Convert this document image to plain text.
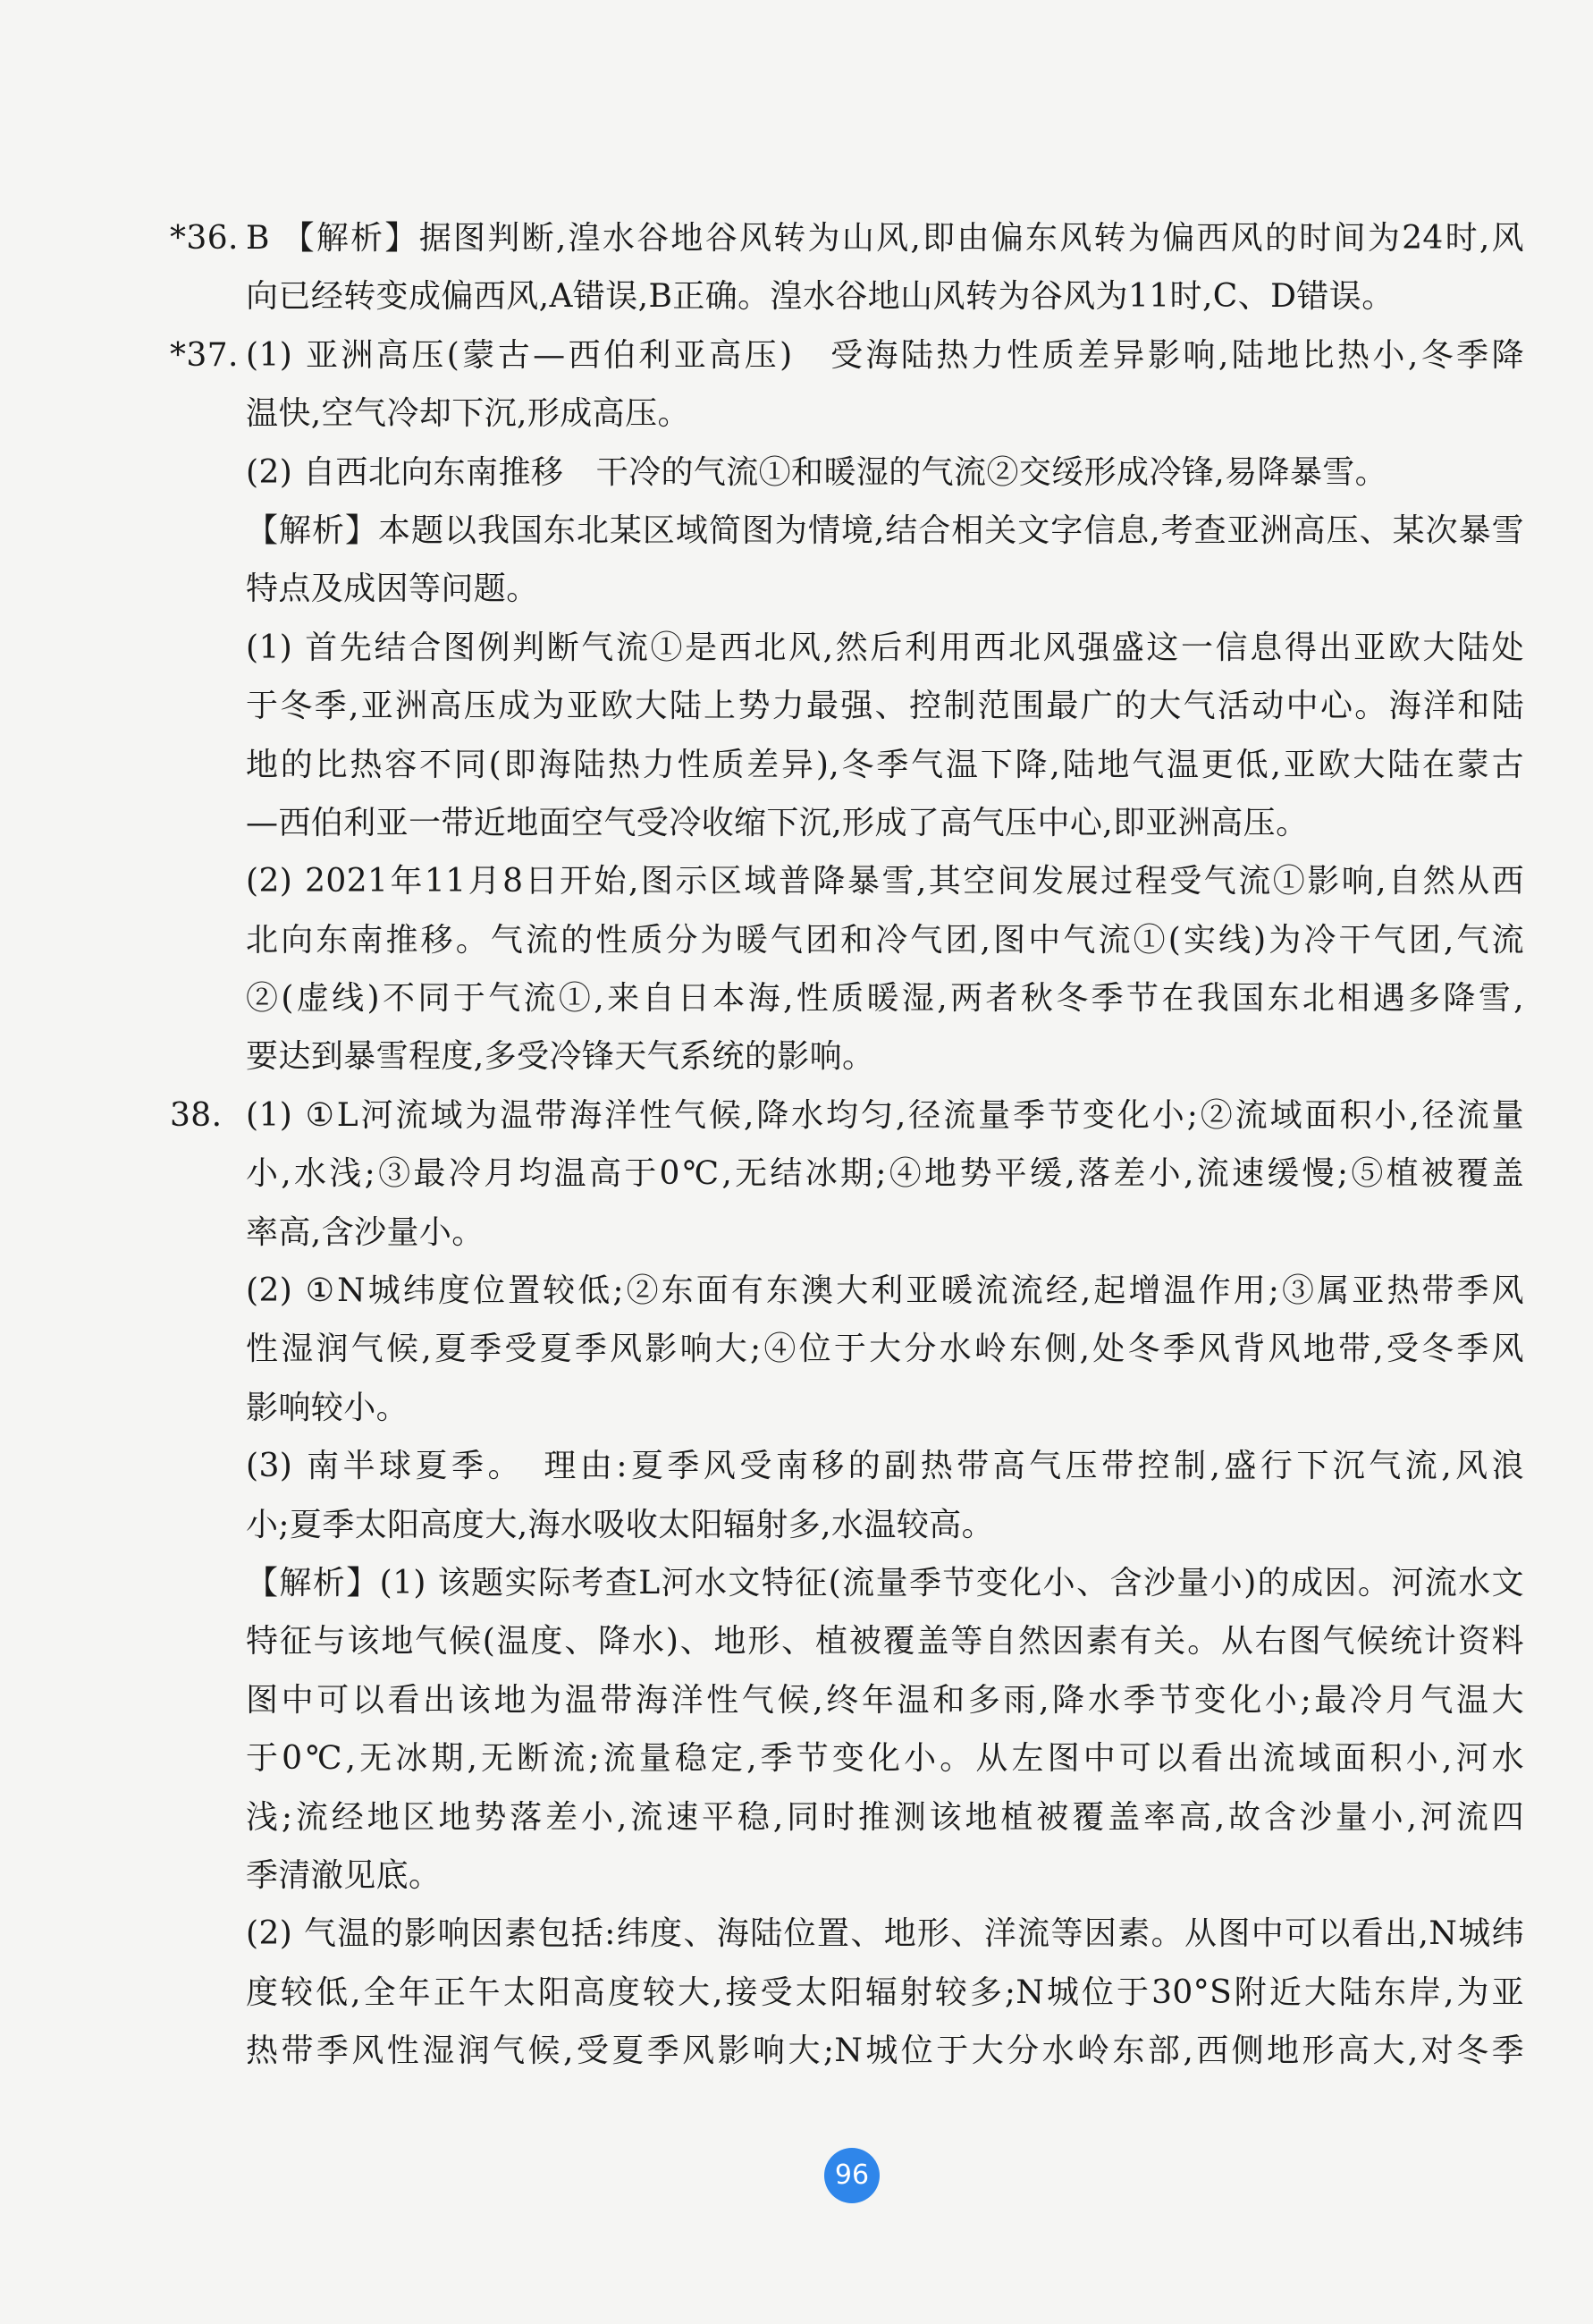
*36. B 【解析】据图判断,湟水谷地谷风转为山风,即由偏东风转为偏西风的时间为24时,风
向已经转变成偏西风,A错误,B正确。湟水谷地山风转为谷风为11时,C、D错误。
*37. (1) 亚洲高压(蒙古—西伯利亚高压)　受海陆热力性质差异影响,陆地比热小,冬季降
温快,空气冷却下沉,形成高压。
(2) 自西北向东南推移　干冷的气流①和暖湿的气流②交绥形成冷锋,易降暴雪。
【解析】本题以我国东北某区域简图为情境,结合相关文字信息,考查亚洲高压、某次暴雪
特点及成因等问题。
(1) 首先结合图例判断气流①是西北风,然后利用西北风强盛这一信息得出亚欧大陆处
于冬季,亚洲高压成为亚欧大陆上势力最强、控制范围最广的大气活动中心。海洋和陆
地的比热容不同(即海陆热力性质差异),冬季气温下降,陆地气温更低,亚欧大陆在蒙古
—西伯利亚一带近地面空气受冷收缩下沉,形成了高气压中心,即亚洲高压。
(2) 2021年11月8日开始,图示区域普降暴雪,其空间发展过程受气流①影响,自然从西
北向东南推移。气流的性质分为暖气团和冷气团,图中气流①(实线)为冷干气团,气流
②(虚线)不同于气流①,来自日本海,性质暖湿,两者秋冬季节在我国东北相遇多降雪,
要达到暴雪程度,多受冷锋天气系统的影响。
38. (1) ①L河流域为温带海洋性气候,降水均匀,径流量季节变化小;②流域面积小,径流量
小,水浅;③最冷月均温高于0℃,无结冰期;④地势平缓,落差小,流速缓慢;⑤植被覆盖
率高,含沙量小。
(2) ①N城纬度位置较低;②东面有东澳大利亚暖流流经,起增温作用;③属亚热带季风
性湿润气候,夏季受夏季风影响大;④位于大分水岭东侧,处冬季风背风地带,受冬季风
影响较小。
(3) 南半球夏季。　理由:夏季风受南移的副热带高气压带控制,盛行下沉气流,风浪
小;夏季太阳高度大,海水吸收太阳辐射多,水温较高。
【解析】(1) 该题实际考查L河水文特征(流量季节变化小、含沙量小)的成因。河流水文
特征与该地气候(温度、降水)、地形、植被覆盖等自然因素有关。从右图气候统计资料
图中可以看出该地为温带海洋性气候,终年温和多雨,降水季节变化小;最冷月气温大
于0℃,无冰期,无断流;流量稳定,季节变化小。从左图中可以看出流域面积小,河水
浅;流经地区地势落差小,流速平稳,同时推测该地植被覆盖率高,故含沙量小,河流四
季清澈见底。
(2) 气温的影响因素包括:纬度、海陆位置、地形、洋流等因素。从图中可以看出,N城纬
度较低,全年正午太阳高度较大,接受太阳辐射较多;N城位于30°S附近大陆东岸,为亚
热带季风性湿润气候,受夏季风影响大;N城位于大分水岭东部,西侧地形高大,对冬季
96
